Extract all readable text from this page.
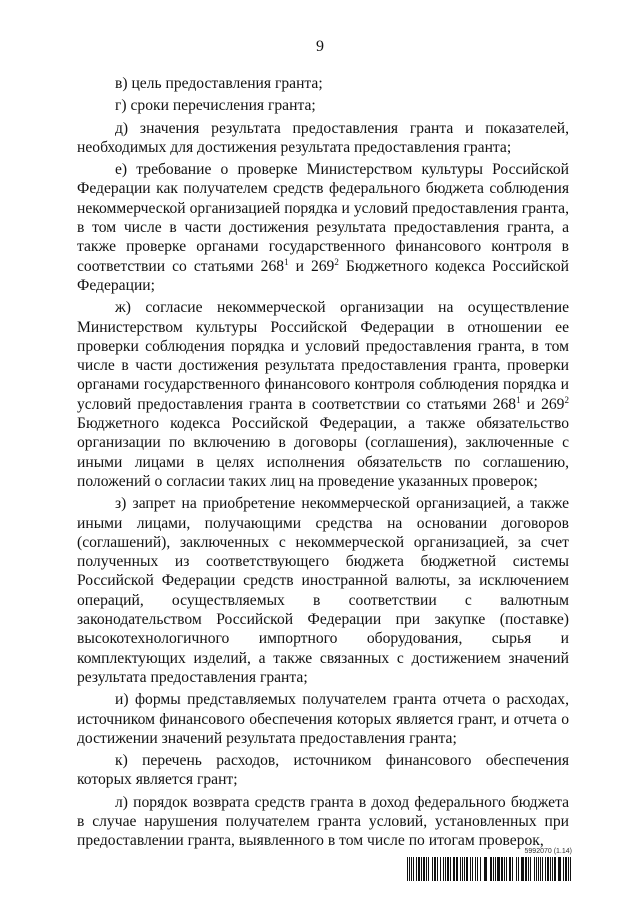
9

в) цель предоставления гранта;

г) сроки перечисления гранта;

д) значения результата предоставления гранта и показателей, необходимых для достижения результата предоставления гранта;

е) требование о проверке Министерством культуры Российской Федерации как получателем средств федерального бюджета соблюдения некоммерческой организацией порядка и условий предоставления гранта, в том числе в части достижения результата предоставления гранта, а также проверке органами государственного финансового контроля в соответствии со статьями $268^1$ и $269^2$ Бюджетного кодекса Российской Федерации;

ж) согласие некоммерческой организации на осуществление Министерством культуры Российской Федерации в отношении ее проверки соблюдения порядка и условий предоставления гранта, в том числе в части достижения результата предоставления гранта, проверки органами государственного финансового контроля соблюдения порядка и условий предоставления гранта в соответствии со статьями $268^1$ и $269^2$ Бюджетного кодекса Российской Федерации, а также обязательство организации по включению в договоры (соглашения), заключенные с иными лицами в целях исполнения обязательств по соглашению, положений о согласии таких лиц на проведение указанных проверок;

з) запрет на приобретение некоммерческой организацией, а также иными лицами, получающими средства на основании договоров (соглашений), заключенных с некоммерческой организацией, за счет полученных из соответствующего бюджета бюджетной системы Российской Федерации средств иностранной валюты, за исключением операций, осуществляемых в соответствии с валютным законодательством Российской Федерации при закупке (поставке) высокотехнологичного импортного оборудования, сырья и комплектующих изделий, а также связанных с достижением значений результата предоставления гранта;

и) формы представляемых получателем гранта отчета о расходах, источником финансового обеспечения которых является грант, и отчета о достижении значений результата предоставления гранта;

к) перечень расходов, источником финансового обеспечения которых является грант;

л) порядок возврата средств гранта в доход федерального бюджета в случае нарушения получателем гранта условий, установленных при предоставлении гранта, выявленного в том числе по итогам проверок,

5992070 (1.14)
